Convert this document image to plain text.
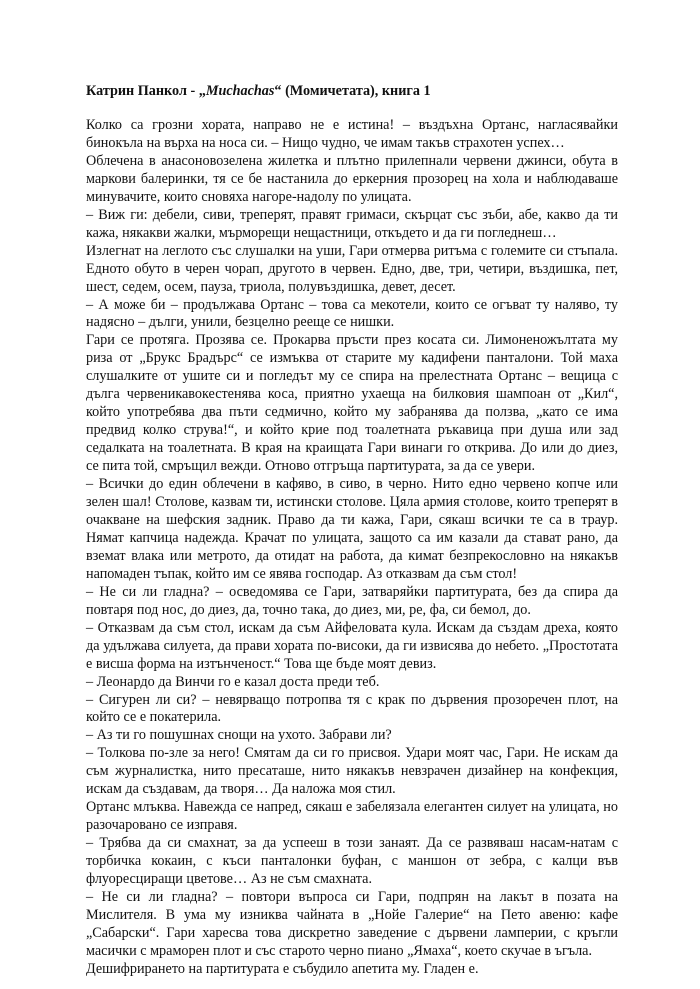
Катрин Панкол - „Muchachas“ (Момичетата), книга 1

Колко са грозни хората, направо не е истина! – въздъхна Ортанс, нагласявайки бинокъла на върха на носа си. – Нищо чудно, че имам такъв страхотен успех…

Облечена в анасоновозелена жилетка и плътно прилепнали червени джинси, обута в маркови балеринки, тя се бе настанила до еркерния прозорец на хола и наблюдаваше минувачите, които сновяха нагоре-надолу по улицата.

– Виж ги: дебели, сиви, треперят, правят гримаси, скърцат със зъби, абе, какво да ти кажа, някакви жалки, мърморещи нещастници, откъдето и да ги погледнеш…

Излегнат на леглото със слушалки на уши, Гари отмерва ритъма с големите си стъпала. Едното обуто в черен чорап, другото в червен. Едно, две, три, четири, въздишка, пет, шест, седем, осем, пауза, триола, полувъздишка, девет, десет.

– А може би – продължава Ортанс – това са мекотели, които се огъват ту наляво, ту надясно – дълги, унили, безцелно рееще се нишки.

Гари се протяга. Прозява се. Прокарва пръсти през косата си. Лимоненожълтата му риза от „Брукс Брадърс“ се измъква от старите му кадифени панталони. Той маха слушалките от ушите си и погледът му се спира на прелестната Ортанс – вещица с дълга червеникавокестенява коса, приятно ухаеща на билковия шампоан от „Кил“, който употребява два пъти седмично, който му забранява да ползва, „като се има предвид колко струва!“, и който крие под тоалетната ръкавица при душа или зад седалката на тоалетната. В края на краищата Гари винаги го открива. До или до диез, се пита той, смръщил вежди. Отново отгръща партитурата, за да се увери.

– Всички до един облечени в кафяво, в сиво, в черно. Нито едно червено копче или зелен шал! Столове, казвам ти, истински столове. Цяла армия столове, които треперят в очакване на шефския задник. Право да ти кажа, Гари, сякаш всички те са в траур. Нямат капчица надежда. Крачат по улицата, защото са им казали да стават рано, да вземат влака или метрото, да отидат на работа, да кимат безпрекословно на някакъв напомаден тъпак, който им се явява господар. Аз отказвам да съм стол!

– Не си ли гладна? – осведомява се Гари, затваряйки партитурата, без да спира да повтаря под нос, до диез, да, точно така, до диез, ми, ре, фа, си бемол, до.

– Отказвам да съм стол, искам да съм Айфеловата кула. Искам да създам дреха, която да удължава силуета, да прави хората по-високи, да ги извисява до небето. „Простотата е висша форма на изтънченост.“ Това ще бъде моят девиз.

– Леонардо да Винчи го е казал доста преди теб.

– Сигурен ли си? – невярващо потропва тя с крак по дървения прозоречен плот, на който се е покатерила.

– Аз ти го пошушнах снощи на ухото. Забрави ли?

– Толкова по-зле за него! Смятам да си го присвоя. Удари моят час, Гари. Не искам да съм журналистка, нито пресаташе, нито някакъв невзрачен дизайнер на конфекция, искам да създавам, да творя… Да наложа моя стил.

Ортанс млъква. Навежда се напред, сякаш е забелязала елегантен силует на улицата, но разочаровано се изправя.

– Трябва да си смахнат, за да успееш в този занаят. Да се развяваш насам-натам с торбичка кокаин, с къси панталонки буфан, с маншон от зебра, с калци във флуоресциращи цветове… Аз не съм смахната.

– Не си ли гладна? – повтори въпроса си Гари, подпрян на лакът в позата на Мислителя. В ума му изниква чайната в „Нойе Галерие“ на Пето авеню: кафе „Сабарски“. Гари харесва това дискретно заведение с дървени ламперии, с кръгли масички с мраморен плот и със старото черно пиано „Ямаха“, което скучае в ъгъла.

Дешифрирането на партитурата е събудило апетита му. Гладен е.
